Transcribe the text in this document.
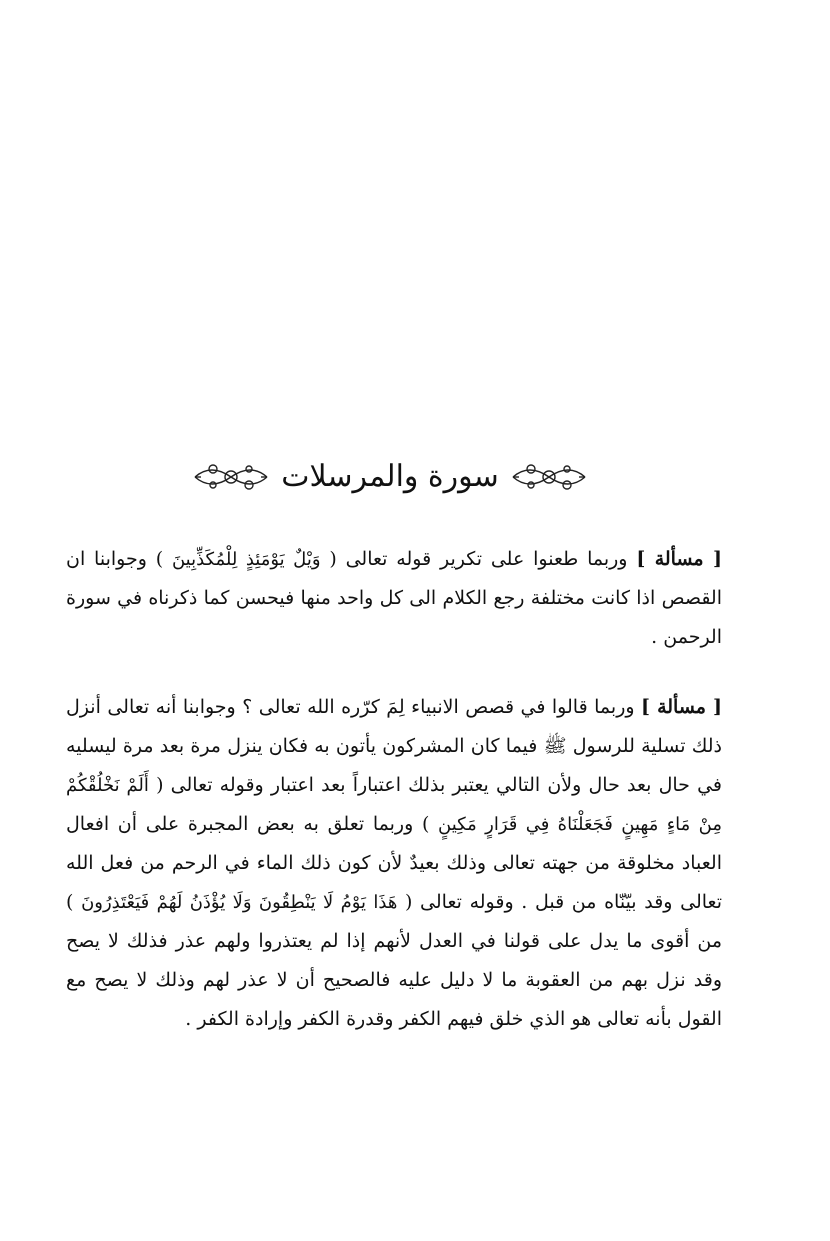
سورة والمرسلات

[ مسألة ] وربما طعنوا على تكرير قوله تعالى ( وَيْلٌ يَوْمَئِذٍ لِلْمُكَذِّبِينَ ) وجوابنا ان القصص اذا كانت مختلفة رجع الكلام الى كل واحد منها فيحسن كما ذكرناه في سورة الرحمن .

[ مسألة ] وربما قالوا في قصص الانبياء لِمَ كرّره الله تعالى ؟ وجوابنا أنه تعالى أنزل ذلك تسلية للرسول ﷺ فيما كان المشركون يأتون به فكان ينزل مرة بعد مرة ليسليه في حال بعد حال ولأن التالي يعتبر بذلك اعتباراً بعد اعتبار وقوله تعالى ( أَلَمْ نَخْلُقْكُمْ مِنْ مَاءٍ مَهِينٍ فَجَعَلْنَاهُ فِي قَرَارٍ مَكِينٍ ) وربما تعلق به بعض المجبرة على أن افعال العباد مخلوقة من جهته تعالى وذلك بعيدٌ لأن كون ذلك الماء في الرحم من فعل الله تعالى وقد بيّنّاه من قبل . وقوله تعالى ( هَذَا يَوْمُ لَا يَنْطِقُونَ وَلَا يُؤْذَنُ لَهُمْ فَيَعْتَذِرُونَ ) من أقوى ما يدل على قولنا في العدل لأنهم إذا لم يعتذروا ولهم عذر فذلك لا يصح وقد نزل بهم من العقوبة ما لا دليل عليه فالصحيح أن لا عذر لهم وذلك لا يصح مع القول بأنه تعالى هو الذي خلق فيهم الكفر وقدرة الكفر وإرادة الكفر .
